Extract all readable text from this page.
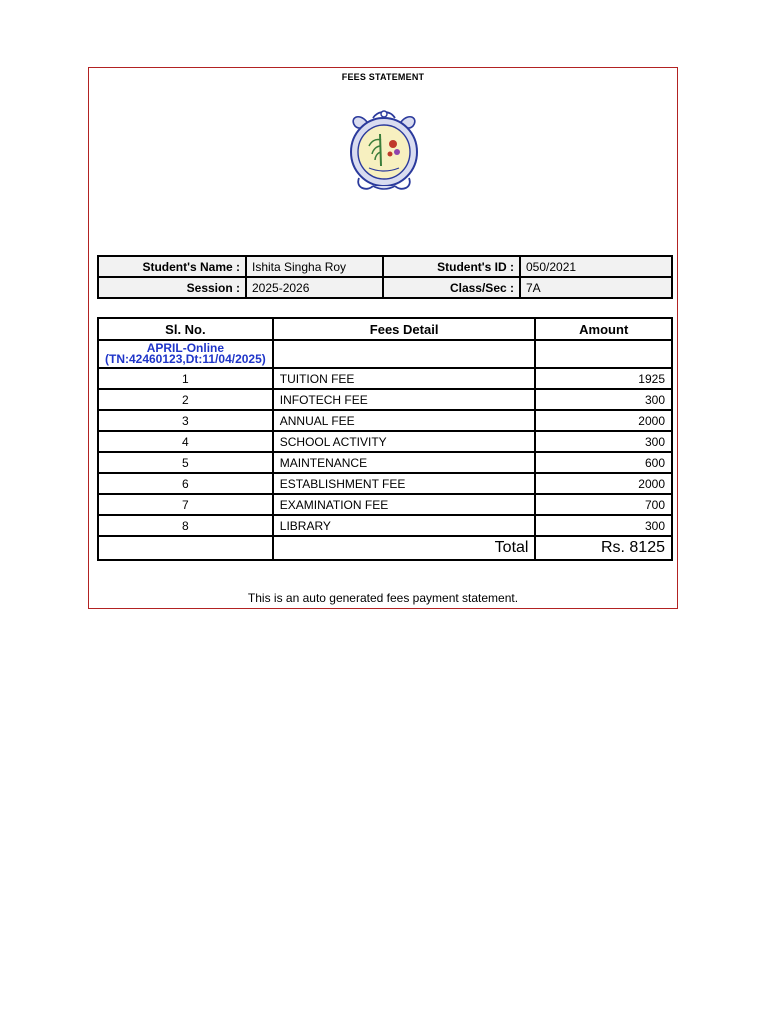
FEES STATEMENT
Student's Name :	Ishita Singha Roy	Student's ID :	050/2021
Session :	2025-2026	Class/Sec :	7A
Sl. No.	Fees Detail	Amount

APRIL-Online
(TN:42460123,Dt:11/04/2025)		

1	TUITION FEE	1925
2	INFOTECH FEE	300
3	ANNUAL FEE	2000
4	SCHOOL ACTIVITY	300
5	MAINTENANCE	600
6	ESTABLISHMENT FEE	2000
7	EXAMINATION FEE	700
8	LIBRARY	300
	Total	Rs. 8125
This is an auto generated fees payment statement.
